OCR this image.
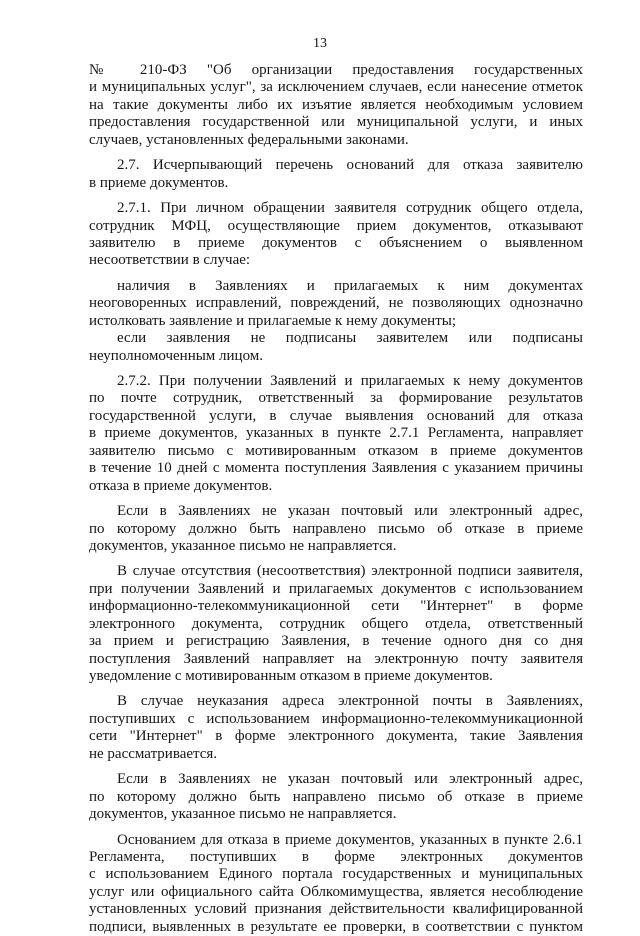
13
№ 210-ФЗ "Об организации предоставления государственных
и муниципальных услуг", за исключением случаев, если нанесение отметок
на такие документы либо их изъятие является необходимым условием
предоставления государственной или муниципальной услуги, и иных
случаев, установленных федеральными законами.
2.7. Исчерпывающий перечень оснований для отказа заявителю
в приеме документов.
2.7.1. При личном обращении заявителя сотрудник общего отдела,
сотрудник МФЦ, осуществляющие прием документов, отказывают
заявителю в приеме документов с объяснением о выявленном
несоответствии в случае:
наличия в Заявлениях и прилагаемых к ним документах
неоговоренных исправлений, повреждений, не позволяющих однозначно
истолковать заявление и прилагаемые к нему документы;
если заявления не подписаны заявителем или подписаны
неуполномоченным лицом.
2.7.2. При получении Заявлений и прилагаемых к нему документов
по почте сотрудник, ответственный за формирование результатов
государственной услуги, в случае выявления оснований для отказа
в приеме документов, указанных в пункте 2.7.1 Регламента, направляет
заявителю письмо с мотивированным отказом в приеме документов
в течение 10 дней с момента поступления Заявления с указанием причины
отказа в приеме документов.
Если в Заявлениях не указан почтовый или электронный адрес,
по которому должно быть направлено письмо об отказе в приеме
документов, указанное письмо не направляется.
В случае отсутствия (несоответствия) электронной подписи заявителя,
при получении Заявлений и прилагаемых документов с использованием
информационно-телекоммуникационной сети "Интернет" в форме
электронного документа, сотрудник общего отдела, ответственный
за прием и регистрацию Заявления, в течение одного дня со дня
поступления Заявлений направляет на электронную почту заявителя
уведомление с мотивированным отказом в приеме документов.
В случае неуказания адреса электронной почты в Заявлениях,
поступивших с использованием информационно-телекоммуникационной
сети "Интернет" в форме электронного документа, такие Заявления
не рассматривается.
Если в Заявлениях не указан почтовый или электронный адрес,
по которому должно быть направлено письмо об отказе в приеме
документов, указанное письмо не направляется.
Основанием для отказа в приеме документов, указанных в пункте 2.6.1
Регламента, поступивших в форме электронных документов
с использованием Единого портала государственных и муниципальных
услуг или официального сайта Облкомимущества, является несоблюдение
установленных условий признания действительности квалифицированной
подписи, выявленных в результате ее проверки, в соответствии с пунктом
